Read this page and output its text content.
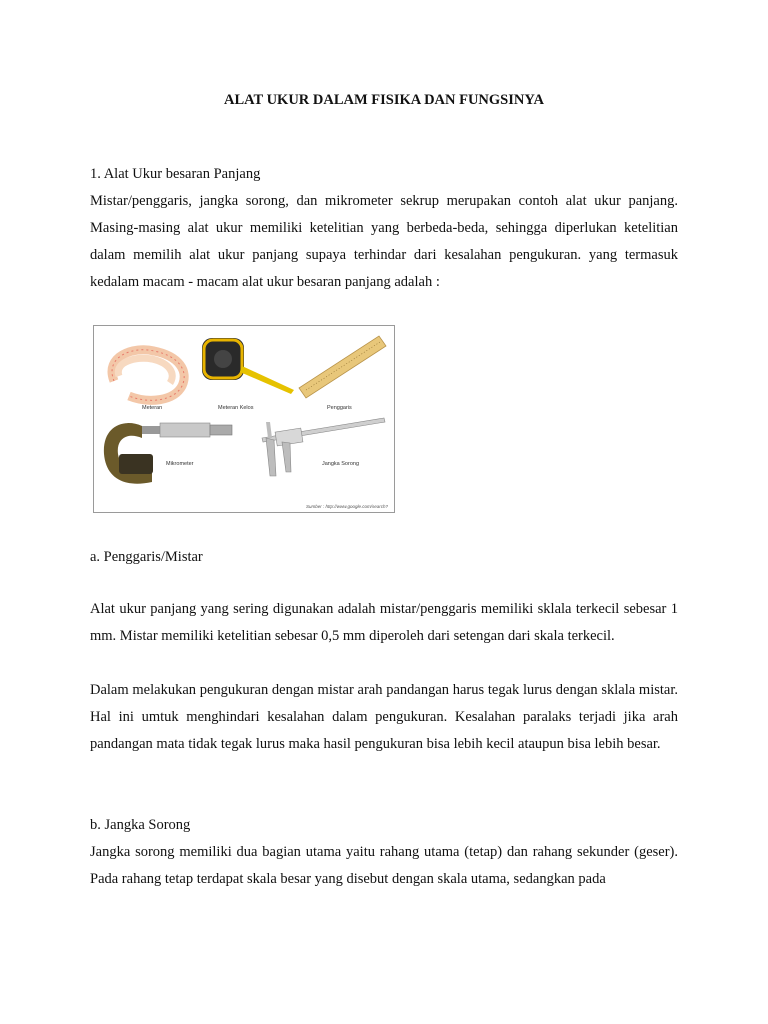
ALAT UKUR DALAM FISIKA DAN FUNGSINYA
1. Alat Ukur besaran Panjang
Mistar/penggaris, jangka sorong, dan mikrometer sekrup merupakan contoh alat ukur panjang. Masing-masing alat ukur memiliki ketelitian yang berbeda-beda, sehingga diperlukan ketelitian dalam memilih alat ukur panjang supaya terhindar dari kesalahan pengukuran. yang termasuk kedalam macam - macam alat ukur besaran panjang adalah :
Meteran	Meteran Kelos	Penggaris
Mikrometer	Jangka Sorong
Sumber : http://www.google.com/search?
a. Penggaris/Mistar
Alat ukur panjang yang sering digunakan adalah mistar/penggaris memiliki sklala terkecil sebesar 1 mm. Mistar memiliki ketelitian sebesar 0,5 mm diperoleh dari setengan dari skala terkecil.
Dalam melakukan pengukuran dengan mistar arah pandangan harus tegak lurus dengan sklala mistar. Hal ini umtuk menghindari kesalahan dalam pengukuran. Kesalahan paralaks terjadi jika arah pandangan mata tidak tegak lurus maka hasil pengukuran bisa lebih kecil ataupun bisa lebih besar.
b. Jangka Sorong
Jangka sorong memiliki dua bagian utama yaitu rahang utama (tetap) dan rahang sekunder (geser). Pada rahang tetap terdapat skala besar yang disebut dengan skala utama, sedangkan pada
